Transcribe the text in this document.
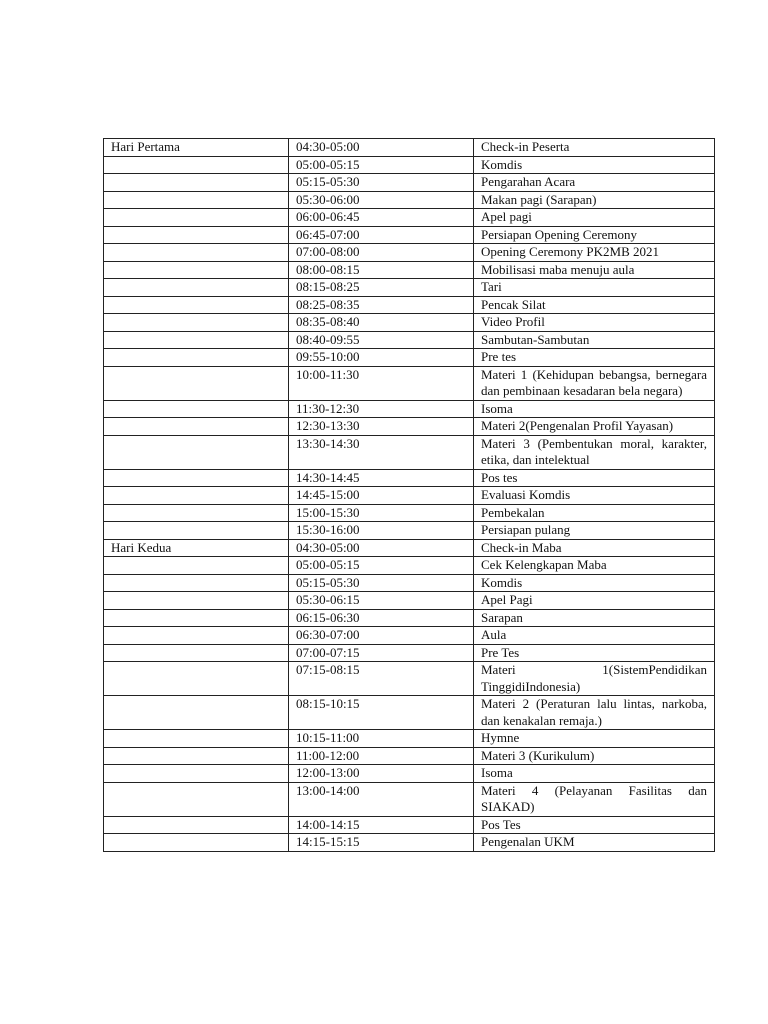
Hari Pertama	04:30-05:00	Check-in Peserta
	05:00-05:15	Komdis
	05:15-05:30	Pengarahan Acara
	05:30-06:00	Makan pagi (Sarapan)
	06:00-06:45	Apel pagi
	06:45-07:00	Persiapan Opening Ceremony
	07:00-08:00	Opening Ceremony PK2MB 2021
	08:00-08:15	Mobilisasi maba menuju aula
	08:15-08:25	Tari
	08:25-08:35	Pencak Silat
	08:35-08:40	Video Profil
	08:40-09:55	Sambutan-Sambutan
	09:55-10:00	Pre tes
	10:00-11:30	Materi 1 (Kehidupan bebangsa, bernegara dan pembinaan kesadaran bela negara)
	11:30-12:30	Isoma
	12:30-13:30	Materi 2(Pengenalan Profil Yayasan)
	13:30-14:30	Materi 3 (Pembentukan moral, karakter, etika, dan intelektual
	14:30-14:45	Pos tes
	14:45-15:00	Evaluasi Komdis
	15:00-15:30	Pembekalan
	15:30-16:00	Persiapan pulang
Hari Kedua	04:30-05:00	Check-in Maba
	05:00-05:15	Cek Kelengkapan Maba
	05:15-05:30	Komdis
	05:30-06:15	Apel Pagi
	06:15-06:30	Sarapan
	06:30-07:00	Aula
	07:00-07:15	Pre Tes
	07:15-08:15	Materi 1(SistemPendidikan TinggidiIndonesia)
	08:15-10:15	Materi 2 (Peraturan lalu lintas, narkoba, dan kenakalan remaja.)
	10:15-11:00	Hymne
	11:00-12:00	Materi 3 (Kurikulum)
	12:00-13:00	Isoma
	13:00-14:00	Materi 4 (Pelayanan Fasilitas dan SIAKAD)
	14:00-14:15	Pos Tes
	14:15-15:15	Pengenalan UKM
